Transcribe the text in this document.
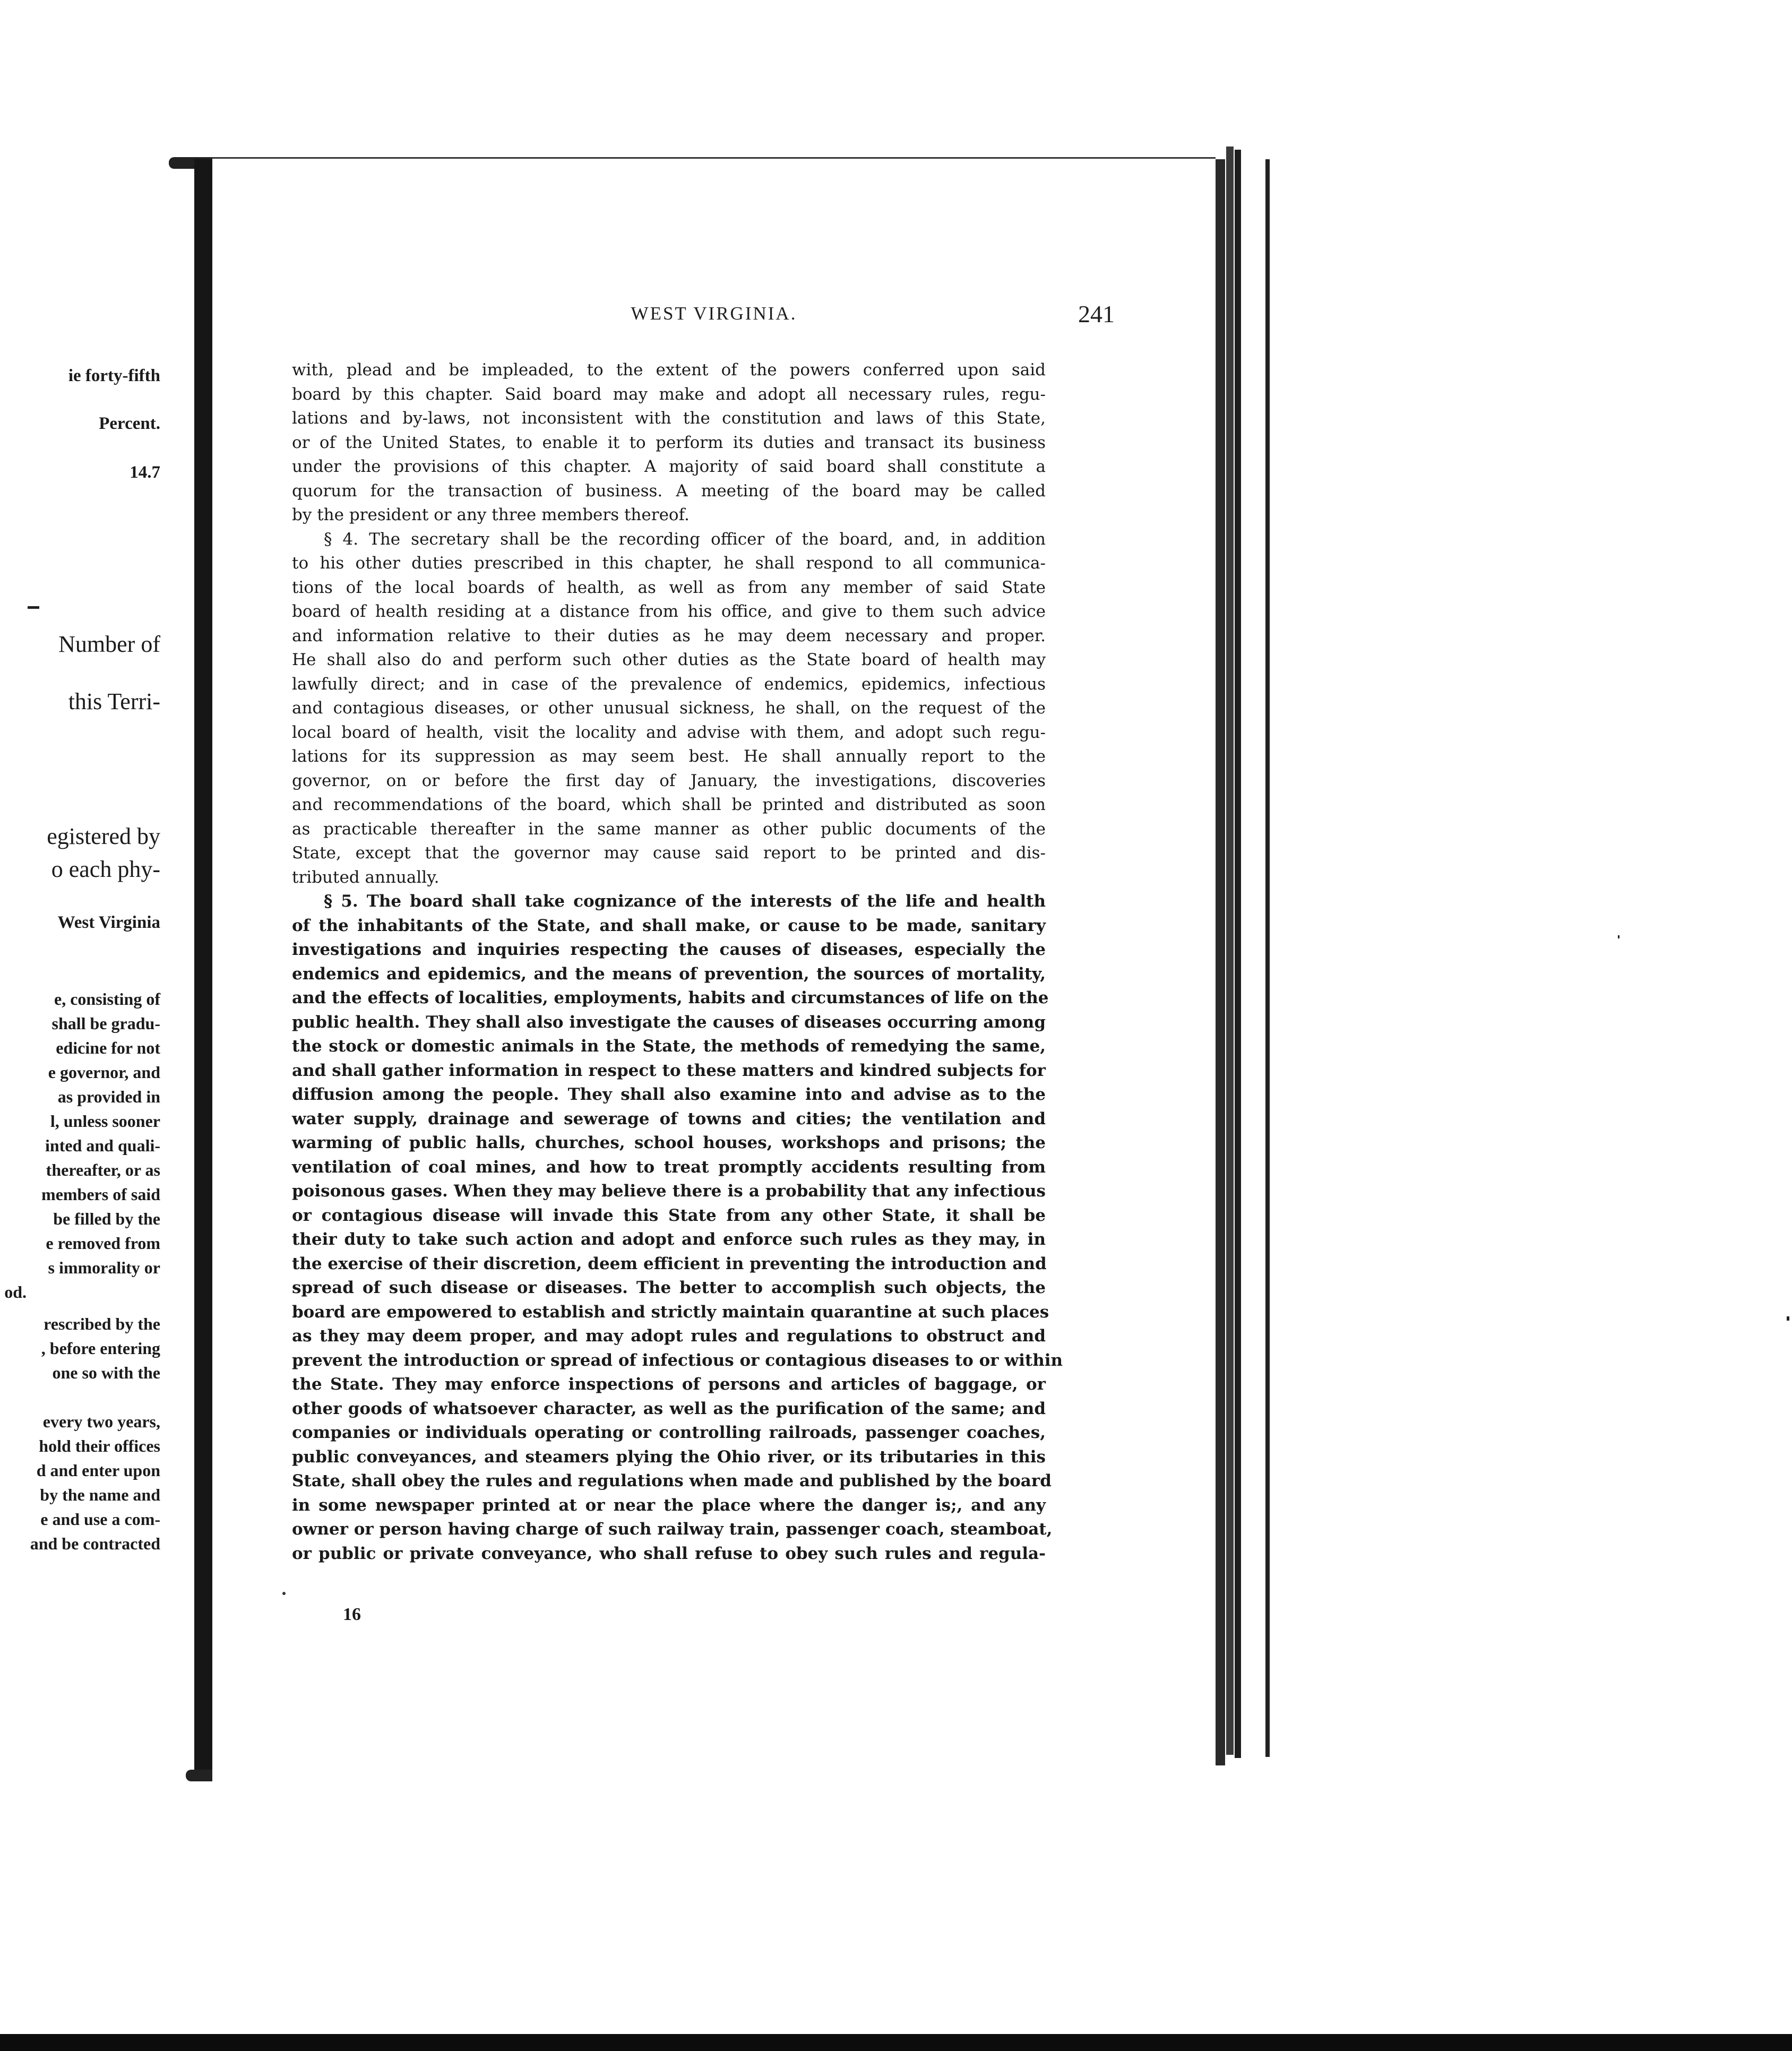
ie forty-fifth
Percent.
14.7
Number of
this Terri-
egistered by
o each phy-
West Virginia
e, consisting of
shall be gradu-
edicine for not
e governor, and
as provided in
l, unless sooner
inted and quali-
thereafter, or as
members of said
be filled by the
e removed from
s immorality or
od.
rescribed by the
, before entering
one so with the
every two years,
hold their offices
d and enter upon
by the name and
e and use a com-
and be contracted
WEST VIRGINIA.	241
with, plead and be impleaded, to the extent of the powers conferred upon said
board by this chapter. Said board may make and adopt all necessary rules, regu-
lations and by-laws, not inconsistent with the constitution and laws of this State,
or of the United States, to enable it to perform its duties and transact its business
under the provisions of this chapter. A majority of said board shall constitute a
quorum for the transaction of business. A meeting of the board may be called
by the president or any three members thereof.
§ 4. The secretary shall be the recording officer of the board, and, in addition
to his other duties prescribed in this chapter, he shall respond to all communica-
tions of the local boards of health, as well as from any member of said State
board of health residing at a distance from his office, and give to them such advice
and information relative to their duties as he may deem necessary and proper.
He shall also do and perform such other duties as the State board of health may
lawfully direct; and in case of the prevalence of endemics, epidemics, infectious
and contagious diseases, or other unusual sickness, he shall, on the request of the
local board of health, visit the locality and advise with them, and adopt such regu-
lations for its suppression as may seem best. He shall annually report to the
governor, on or before the first day of January, the investigations, discoveries
and recommendations of the board, which shall be printed and distributed as soon
as practicable thereafter in the same manner as other public documents of the
State, except that the governor may cause said report to be printed and dis-
tributed annually.
§ 5. The board shall take cognizance of the interests of the life and health
of the inhabitants of the State, and shall make, or cause to be made, sanitary
investigations and inquiries respecting the causes of diseases, especially the
endemics and epidemics, and the means of prevention, the sources of mortality,
and the effects of localities, employments, habits and circumstances of life on the
public health. They shall also investigate the causes of diseases occurring among
the stock or domestic animals in the State, the methods of remedying the same,
and shall gather information in respect to these matters and kindred subjects for
diffusion among the people. They shall also examine into and advise as to the
water supply, drainage and sewerage of towns and cities; the ventilation and
warming of public halls, churches, school houses, workshops and prisons; the
ventilation of coal mines, and how to treat promptly accidents resulting from
poisonous gases. When they may believe there is a probability that any infectious
or contagious disease will invade this State from any other State, it shall be
their duty to take such action and adopt and enforce such rules as they may, in
the exercise of their discretion, deem efficient in preventing the introduction and
spread of such disease or diseases. The better to accomplish such objects, the
board are empowered to establish and strictly maintain quarantine at such places
as they may deem proper, and may adopt rules and regulations to obstruct and
prevent the introduction or spread of infectious or contagious diseases to or within
the State. They may enforce inspections of persons and articles of baggage, or
other goods of whatsoever character, as well as the purification of the same; and
companies or individuals operating or controlling railroads, passenger coaches,
public conveyances, and steamers plying the Ohio river, or its tributaries in this
State, shall obey the rules and regulations when made and published by the board
in some newspaper printed at or near the place where the danger is;, and any
owner or person having charge of such railway train, passenger coach, steamboat,
or public or private conveyance, who shall refuse to obey such rules and regula-
16
